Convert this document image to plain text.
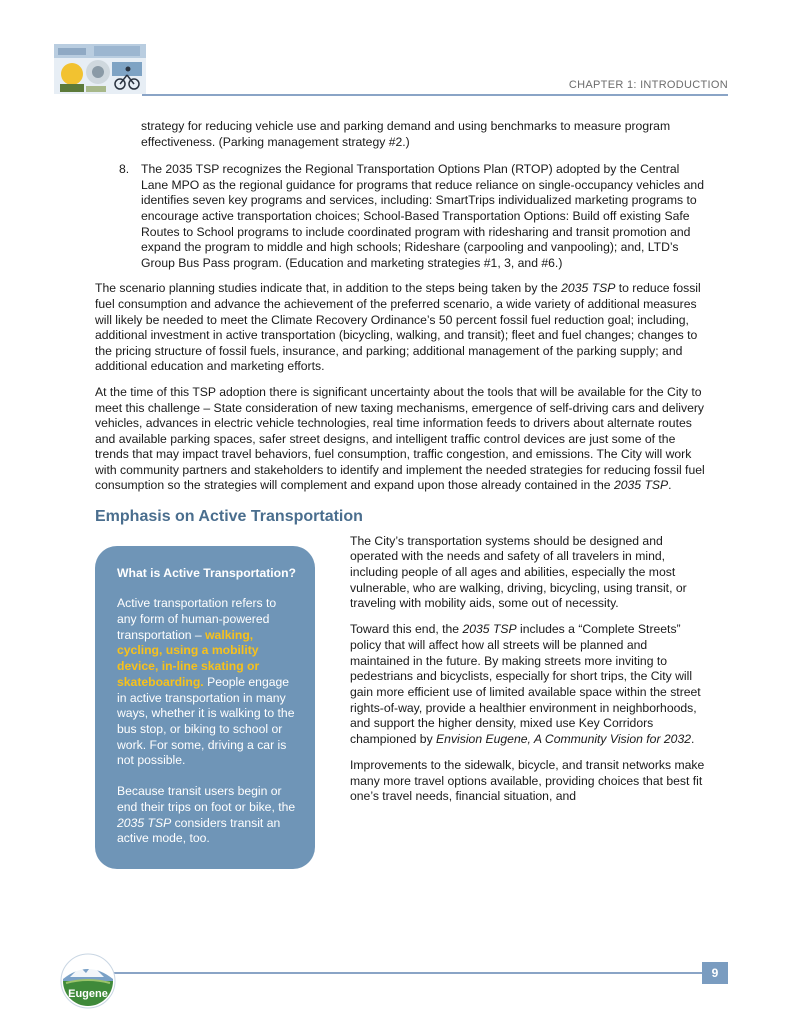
CHAPTER 1: INTRODUCTION

strategy for reducing vehicle use and parking demand and using benchmarks to measure program effectiveness. (Parking management strategy #2.)

8. The 2035 TSP recognizes the Regional Transportation Options Plan (RTOP) adopted by the Central Lane MPO as the regional guidance for programs that reduce reliance on single-occupancy vehicles and identifies seven key programs and services, including: SmartTrips individualized marketing programs to encourage active transportation choices; School-Based Transportation Options: Build off existing Safe Routes to School programs to include coordinated program with ridesharing and transit promotion and expand the program to middle and high schools; Rideshare (carpooling and vanpooling); and, LTD’s Group Bus Pass program. (Education and marketing strategies #1, 3, and #6.)

The scenario planning studies indicate that, in addition to the steps being taken by the 2035 TSP to reduce fossil fuel consumption and advance the achievement of the preferred scenario, a wide variety of additional measures will likely be needed to meet the Climate Recovery Ordinance’s 50 percent fossil fuel reduction goal; including, additional investment in active transportation (bicycling, walking, and transit); fleet and fuel changes; changes to the pricing structure of fossil fuels, insurance, and parking; additional management of the parking supply; and additional education and marketing efforts.

At the time of this TSP adoption there is significant uncertainty about the tools that will be available for the City to meet this challenge – State consideration of new taxing mechanisms, emergence of self-driving cars and delivery vehicles, advances in electric vehicle technologies, real time information feeds to drivers about alternate routes and available parking spaces, safer street designs, and intelligent traffic control devices are just some of the trends that may impact travel behaviors, fuel consumption, traffic congestion, and emissions. The City will work with community partners and stakeholders to identify and implement the needed strategies for reducing fossil fuel consumption so the strategies will complement and expand upon those already contained in the 2035 TSP.

Emphasis on Active Transportation
What is Active Transportation?

Active transportation refers to any form of human-powered transportation – walking, cycling, using a mobility device, in-line skating or skateboarding. People engage in active transportation in many ways, whether it is walking to the bus stop, or biking to school or work. For some, driving a car is not possible.

Because transit users begin or end their trips on foot or bike, the 2035 TSP considers transit an active mode, too.

The City’s transportation systems should be designed and operated with the needs and safety of all travelers in mind, including people of all ages and abilities, especially the most vulnerable, who are walking, driving, bicycling, using transit, or traveling with mobility aids, some out of necessity.

Toward this end, the 2035 TSP includes a “Complete Streets” policy that will affect how all streets will be planned and maintained in the future. By making streets more inviting to pedestrians and bicyclists, especially for short trips, the City will gain more efficient use of limited available space within the street rights-of-way, provide a healthier environment in neighborhoods, and support the higher density, mixed use Key Corridors championed by Envision Eugene, A Community Vision for 2032.

Improvements to the sidewalk, bicycle, and transit networks make many more travel options available, providing choices that best fit one’s travel needs, financial situation, and

9
Eugene
